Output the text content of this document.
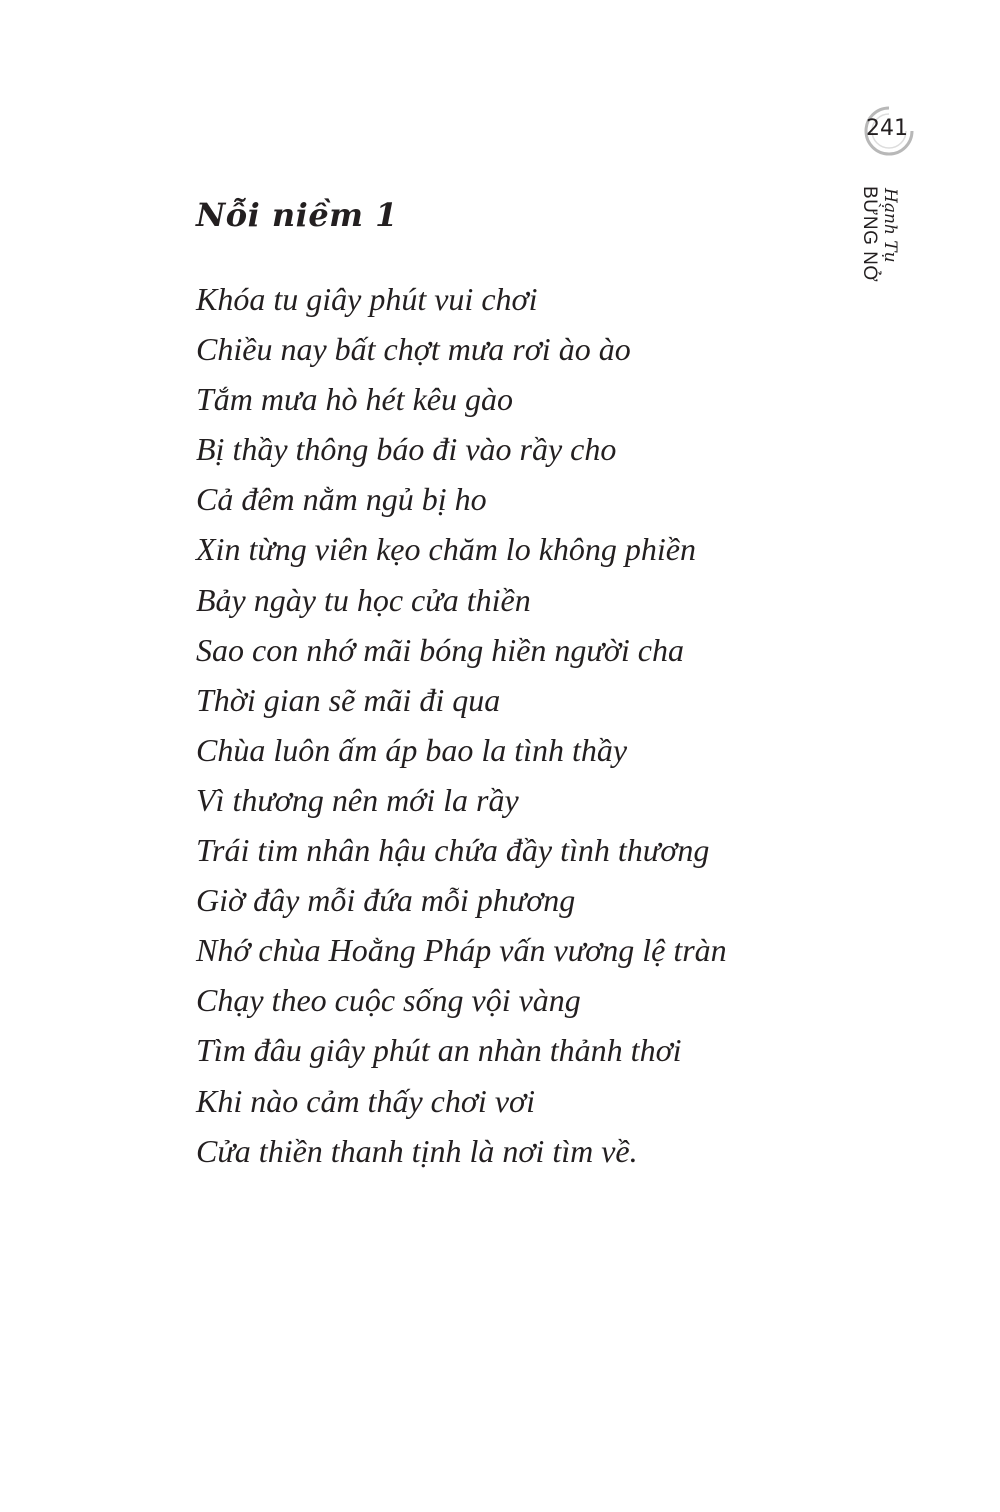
241
Hạnh Tụ
BỪNG NỞ
Nỗi niềm 1
Khóa tu giây phút vui chơi
Chiều nay bất chợt mưa rơi ào ào
Tắm mưa hò hét kêu gào
Bị thầy thông báo đi vào rầy cho
Cả đêm nằm ngủ bị ho
Xin từng viên kẹo chăm lo không phiền
Bảy ngày tu học cửa thiền
Sao con nhớ mãi bóng hiền người cha
Thời gian sẽ mãi đi qua
Chùa luôn ấm áp bao la tình thầy
Vì thương nên mới la rầy
Trái tim nhân hậu chứa đầy tình thương
Giờ đây mỗi đứa mỗi phương
Nhớ chùa Hoằng Pháp vấn vương lệ tràn
Chạy theo cuộc sống vội vàng
Tìm đâu giây phút an nhàn thảnh thơi
Khi nào cảm thấy chơi vơi
Cửa thiền thanh tịnh là nơi tìm về.
